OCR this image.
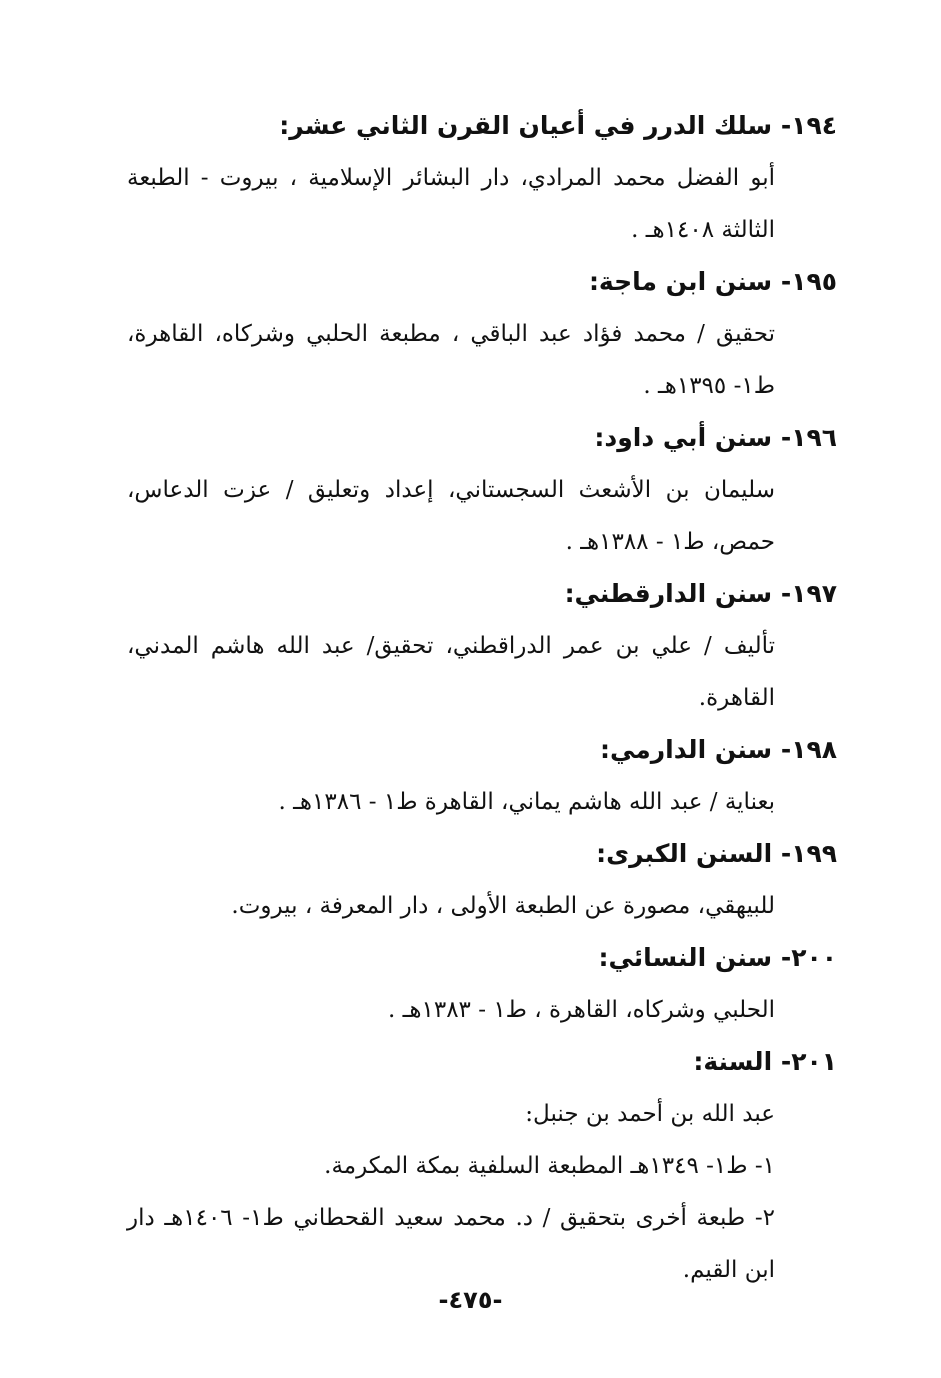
١٩٤- سلك الدرر في أعيان القرن الثاني عشر:

أبو الفضل محمد المرادي، دار البشائر الإسلامية ، بيروت - الطبعة الثالثة ١٤٠٨هـ .

١٩٥- سنن ابن ماجة:

تحقيق / محمد فؤاد عبد الباقي ، مطبعة الحلبي وشركاه، القاهرة، ط١- ١٣٩٥هـ .

١٩٦- سنن أبي داود:

سليمان بن الأشعث السجستاني، إعداد وتعليق / عزت الدعاس، حمص، ط١ - ١٣٨٨هـ .

١٩٧- سنن الدارقطني:

تأليف / علي بن عمر الدراقطني، تحقيق/ عبد الله هاشم المدني، القاهرة.

١٩٨- سنن الدارمي:

بعناية / عبد الله هاشم يماني، القاهرة ط١ - ١٣٨٦هـ .

١٩٩- السنن الكبرى:

للبيهقي، مصورة عن الطبعة الأولى ، دار المعرفة ، بيروت.

٢٠٠- سنن النسائي:

الحلبي وشركاه، القاهرة ، ط١ - ١٣٨٣هـ .

٢٠١- السنة:

عبد الله بن أحمد بن جنبل:

١- ط١- ١٣٤٩هـ المطبعة السلفية بمكة المكرمة.

٢- طبعة أخرى بتحقيق / د. محمد سعيد القحطاني ط١- ١٤٠٦هـ دار ابن القيم.

-٤٧٥-
